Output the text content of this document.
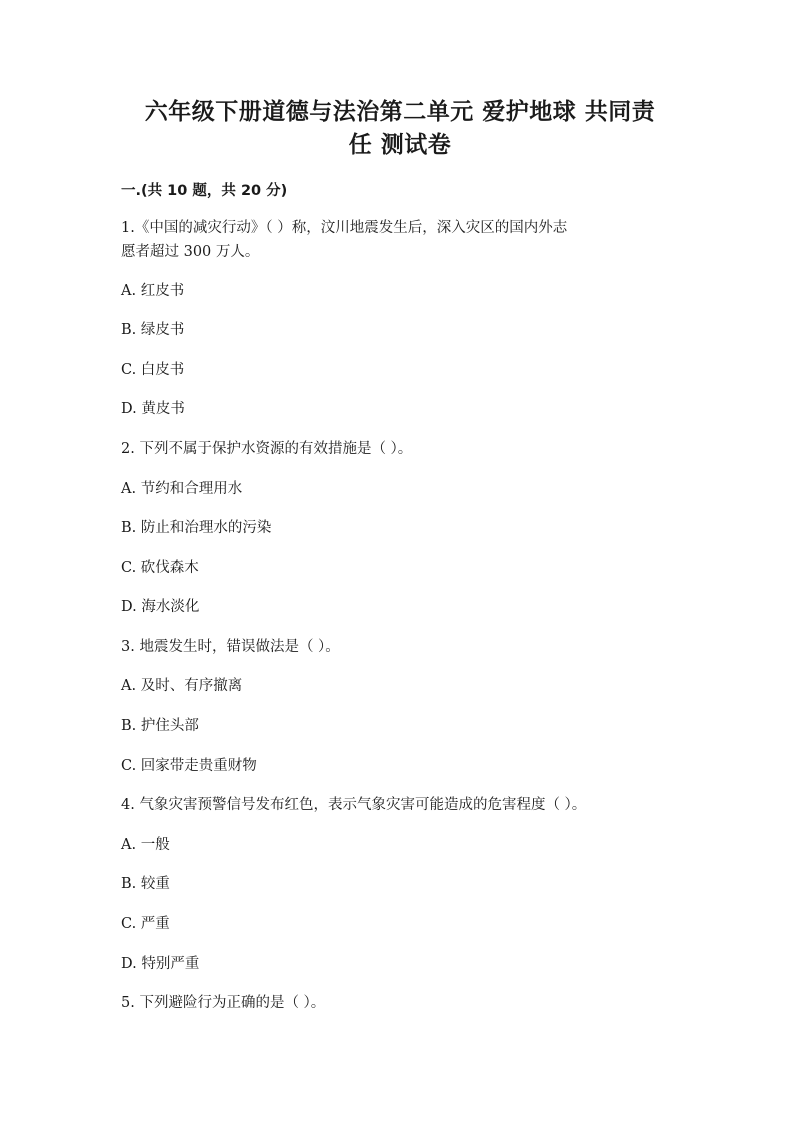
六年级下册道德与法治第二单元 爱护地球 共同责
任 测试卷
一.(共 10 题，共 20 分)
1.《中国的减灾行动》（ ）称，汶川地震发生后，深入灾区的国内外志
愿者超过 300 万人。
A. 红皮书
B. 绿皮书
C. 白皮书
D. 黄皮书
2. 下列不属于保护水资源的有效措施是（ ）。
A. 节约和合理用水
B. 防止和治理水的污染
C. 砍伐森木
D. 海水淡化
3. 地震发生时，错误做法是（ ）。
A. 及时、有序撤离
B. 护住头部
C. 回家带走贵重财物
4. 气象灾害预警信号发布红色，表示气象灾害可能造成的危害程度（ ）。
A. 一般
B. 较重
C. 严重
D. 特别严重
5. 下列避险行为正确的是（ ）。
